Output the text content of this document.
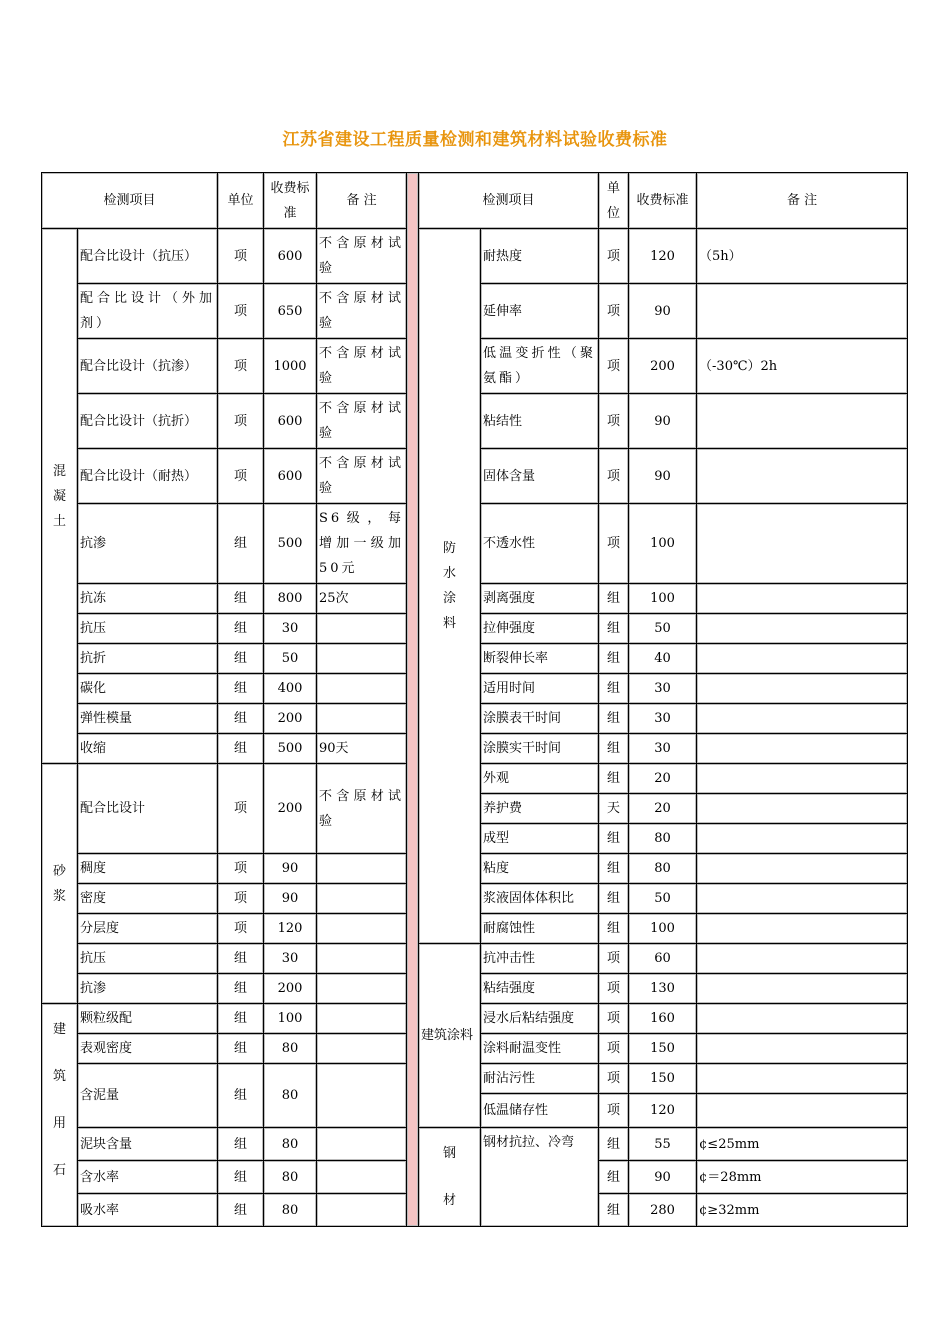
江苏省建设工程质量检测和建筑材料试验收费标准
检测项目		单位	收费标准	备 注		检测项目		单位	收费标准	备 注
混凝土	配合比设计（抗压）	项	600	不含原材试验		防水涂料	耐热度	项	120	（5h）
	配合比设计（外加剂）	项	650	不含原材试验			延伸率	项	90	
	配合比设计（抗渗）	项	1000	不含原材试验			低温变折性（聚氨酯）	项	200	（-30℃）2h
	配合比设计（抗折）	项	600	不含原材试验			粘结性	项	90	
	配合比设计（耐热）	项	600	不含原材试验			固体含量	项	90	
	抗渗	组	500	S6级，每增加一级加50元			不透水性	项	100	
	抗冻	组	800	25次			剥离强度	组	100	
	抗压	组	30				拉伸强度	组	50	
	抗折	组	50				断裂伸长率	组	40	
	碳化	组	400				适用时间	组	30	
	弹性模量	组	200				涂膜表干时间	组	30	
	收缩	组	500	90天			涂膜实干时间	组	30	
砂浆	配合比设计	项	200	不含原材试验			外观	组	20	
							养护费	天	20	
							成型	组	80	
	稠度	项	90				粘度	组	80	
	密度	项	90				浆液固体体积比	组	50	
	分层度	项	120				耐腐蚀性	组	100	
	抗压	组	30			建筑涂料	抗冲击性	项	60	
	抗渗	组	200				粘结强度	项	130	
建筑用石	颗粒级配	组	100				浸水后粘结强度	项	160	
	表观密度	组	80				涂料耐温变性	项	150	
	含泥量	组	80				耐沾污性	项	150	
							低温储存性	项	120	
	泥块含量	组	80			钢材	钢材抗拉、冷弯	组	55	¢≤25mm
	含水率	组	80					组	90	¢＝28mm
	吸水率	组	80					组	280	¢≥32mm
